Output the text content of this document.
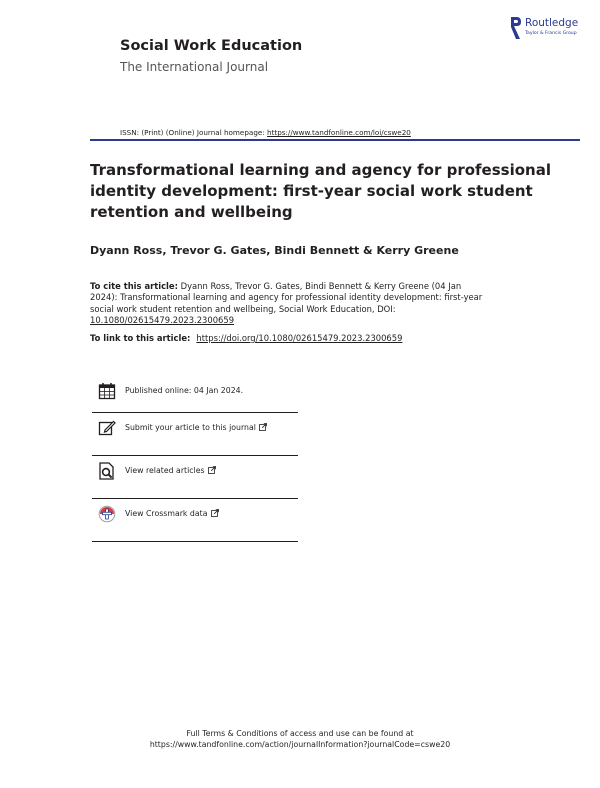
Social Work Education
The International Journal
Routledge
Taylor & Francis Group
ISSN: (Print) (Online) Journal homepage: https://www.tandfonline.com/loi/cswe20
Transformational learning and agency for professional identity development: first-year social work student retention and wellbeing
Dyann Ross, Trevor G. Gates, Bindi Bennett & Kerry Greene
To cite this article: Dyann Ross, Trevor G. Gates, Bindi Bennett & Kerry Greene (04 Jan 2024): Transformational learning and agency for professional identity development: first-year social work student retention and wellbeing, Social Work Education, DOI: 10.1080/02615479.2023.2300659
To link to this article: https://doi.org/10.1080/02615479.2023.2300659
Published online: 04 Jan 2024.
Submit your article to this journal
View related articles
View Crossmark data
Full Terms & Conditions of access and use can be found at
https://www.tandfonline.com/action/journalInformation?journalCode=cswe20
